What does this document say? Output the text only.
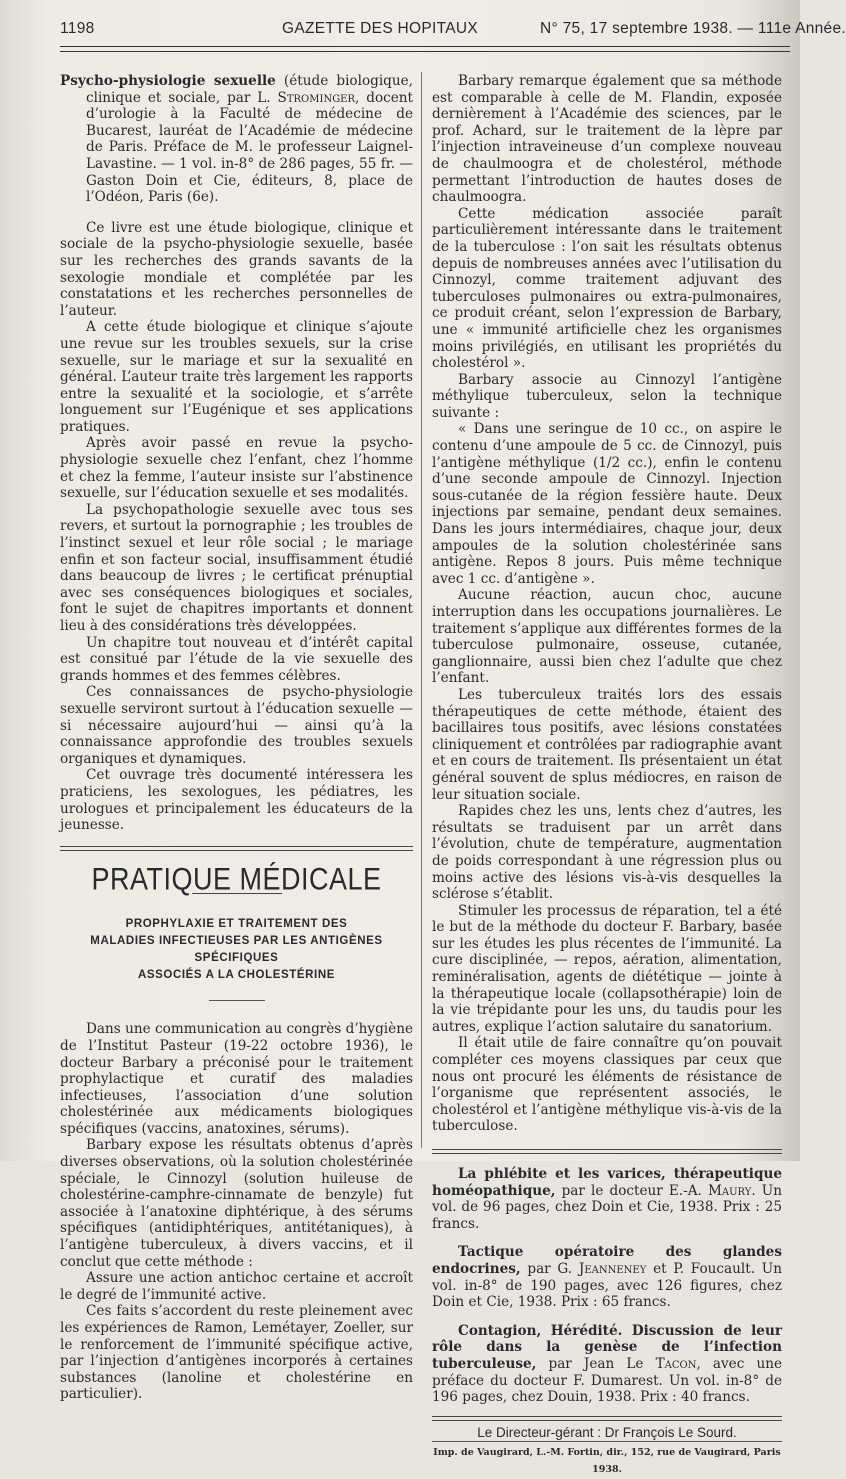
1198	GAZETTE DES HOPITAUX	N° 75, 17 septembre 1938. — 111e Année.

Psycho-physiologie sexuelle (étude biologique, clinique et sociale, par L. Strominger, docent d’urologie à la Faculté de médecine de Bucarest, lauréat de l’Académie de médecine de Paris. Préface de M. le professeur Laignel-Lavastine. — 1 vol. in-8° de 286 pages, 55 fr. — Gaston Doin et Cie, éditeurs, 8, place de l’Odéon, Paris (6e).

Ce livre est une étude biologique, clinique et sociale de la psycho-physiologie sexuelle, basée sur les recherches des grands savants de la sexologie mondiale et complétée par les constatations et les recherches personnelles de l’auteur.

A cette étude biologique et clinique s’ajoute une revue sur les troubles sexuels, sur la crise sexuelle, sur le mariage et sur la sexualité en général. L’auteur traite très largement les rapports entre la sexualité et la sociologie, et s’arrête longuement sur l’Eugénique et ses applications pratiques.

Après avoir passé en revue la psycho-physiologie sexuelle chez l’enfant, chez l’homme et chez la femme, l’auteur insiste sur l’abstinence sexuelle, sur l’éducation sexuelle et ses modalités.

La psychopathologie sexuelle avec tous ses revers, et surtout la pornographie ; les troubles de l’instinct sexuel et leur rôle social ; le mariage enfin et son facteur social, insuffisamment étudié dans beaucoup de livres ; le certificat prénuptial avec ses conséquences biologiques et sociales, font le sujet de chapitres importants et donnent lieu à des considérations très développées.

Un chapitre tout nouveau et d’intérêt capital est consitué par l’étude de la vie sexuelle des grands hommes et des femmes célèbres.

Ces connaissances de psycho-physiologie sexuelle serviront surtout à l’éducation sexuelle — si nécessaire aujourd’hui — ainsi qu’à la connaissance approfondie des troubles sexuels organiques et dynamiques.

Cet ouvrage très documenté intéressera les praticiens, les sexologues, les pédiatres, les urologues et principalement les éducateurs de la jeunesse.

PRATIQUE MÉDICALE
PROPHYLAXIE ET TRAITEMENT DES
MALADIES INFECTIEUSES PAR LES ANTIGÈNES SPÉCIFIQUES
ASSOCIÉS A LA CHOLESTÉRINE

Dans une communication au congrès d’hygiène de l’Institut Pasteur (19-22 octobre 1936), le docteur Barbary a préconisé pour le traitement prophylactique et curatif des maladies infectieuses, l’association d’une solution cholestérinée aux médicaments biologiques spécifiques (vaccins, anatoxines, sérums).

Barbary expose les résultats obtenus d’après diverses observations, où la solution cholestérinée spéciale, le Cinnozyl (solution huileuse de cholestérine-camphre-cinnamate de benzyle) fut associée à l’anatoxine diphtérique, à des sérums spécifiques (antidiphtériques, antitétaniques), à l’antigène tuberculeux, à divers vaccins, et il conclut que cette méthode :

Assure une action antichoc certaine et accroît le degré de l’immunité active.

Ces faits s’accordent du reste pleinement avec les expériences de Ramon, Lemétayer, Zoeller, sur le renforcement de l’immunité spécifique active, par l’injection d’antigènes incorporés à certaines substances (lanoline et cholestérine en particulier).

Barbary remarque également que sa méthode est comparable à celle de M. Flandin, exposée dernièrement à l’Académie des sciences, par le prof. Achard, sur le traitement de la lèpre par l’injection intraveineuse d’un complexe nouveau de chaulmoogra et de cholestérol, méthode permettant l’introduction de hautes doses de chaulmoogra.

Cette médication associée paraît particulièrement intéressante dans le traitement de la tuberculose : l’on sait les résultats obtenus depuis de nombreuses années avec l’utilisation du Cinnozyl, comme traitement adjuvant des tuberculoses pulmonaires ou extra-pulmonaires, ce produit créant, selon l’expression de Barbary, une « immunité artificielle chez les organismes moins privilégiés, en utilisant les propriétés du cholestérol ».

Barbary associe au Cinnozyl l’antigène méthylique tuberculeux, selon la technique suivante :

« Dans une seringue de 10 cc., on aspire le contenu d’une ampoule de 5 cc. de Cinnozyl, puis l’antigène méthylique (1/2 cc.), enfin le contenu d’une seconde ampoule de Cinnozyl. Injection sous-cutanée de la région fessière haute. Deux injections par semaine, pendant deux semaines. Dans les jours intermédiaires, chaque jour, deux ampoules de la solution cholestérinée sans antigène. Repos 8 jours. Puis même technique avec 1 cc. d’antigène ».

Aucune réaction, aucun choc, aucune interruption dans les occupations journalières. Le traitement s’applique aux différentes formes de la tuberculose pulmonaire, osseuse, cutanée, ganglionnaire, aussi bien chez l’adulte que chez l’enfant.

Les tuberculeux traités lors des essais thérapeutiques de cette méthode, étaient des bacillaires tous positifs, avec lésions constatées cliniquement et contrôlées par radiographie avant et en cours de traitement. Ils présentaient un état général souvent de splus médiocres, en raison de leur situation sociale.

Rapides chez les uns, lents chez d’autres, les résultats se traduisent par un arrêt dans l’évolution, chute de température, augmentation de poids correspondant à une régression plus ou moins active des lésions vis-à-vis desquelles la sclérose s’établit.

Stimuler les processus de réparation, tel a été le but de la méthode du docteur F. Barbary, basée sur les études les plus récentes de l’immunité. La cure disciplinée, — repos, aération, alimentation, reminéralisation, agents de diététique — jointe à la thérapeutique locale (collapsothérapie) loin de la vie trépidante pour les uns, du taudis pour les autres, explique l’action salutaire du sanatorium.

Il était utile de faire connaître qu’on pouvait compléter ces moyens classiques par ceux que nous ont procuré les éléments de résistance de l’organisme que représentent associés, le cholestérol et l’antigène méthylique vis-à-vis de la tuberculose.

La phlébite et les varices, thérapeutique homéopathique, par le docteur E.-A. Maury. Un vol. de 96 pages, chez Doin et Cie, 1938. Prix : 25 francs.

Tactique opératoire des glandes endocrines, par G. Jeanneney et P. Foucault. Un vol. in-8° de 190 pages, avec 126 figures, chez Doin et Cie, 1938. Prix : 65 francs.

Contagion, Hérédité. Discussion de leur rôle dans la genèse de l’infection tuberculeuse, par Jean Le Tacon, avec une préface du docteur F. Dumarest. Un vol. in-8° de 196 pages, chez Douin, 1938. Prix : 40 francs.

Le Directeur-gérant : Dr François Le Sourd.

Imp. de Vaugirard, L.-M. Fortin, dir., 152, rue de Vaugirard, Paris 1938.
